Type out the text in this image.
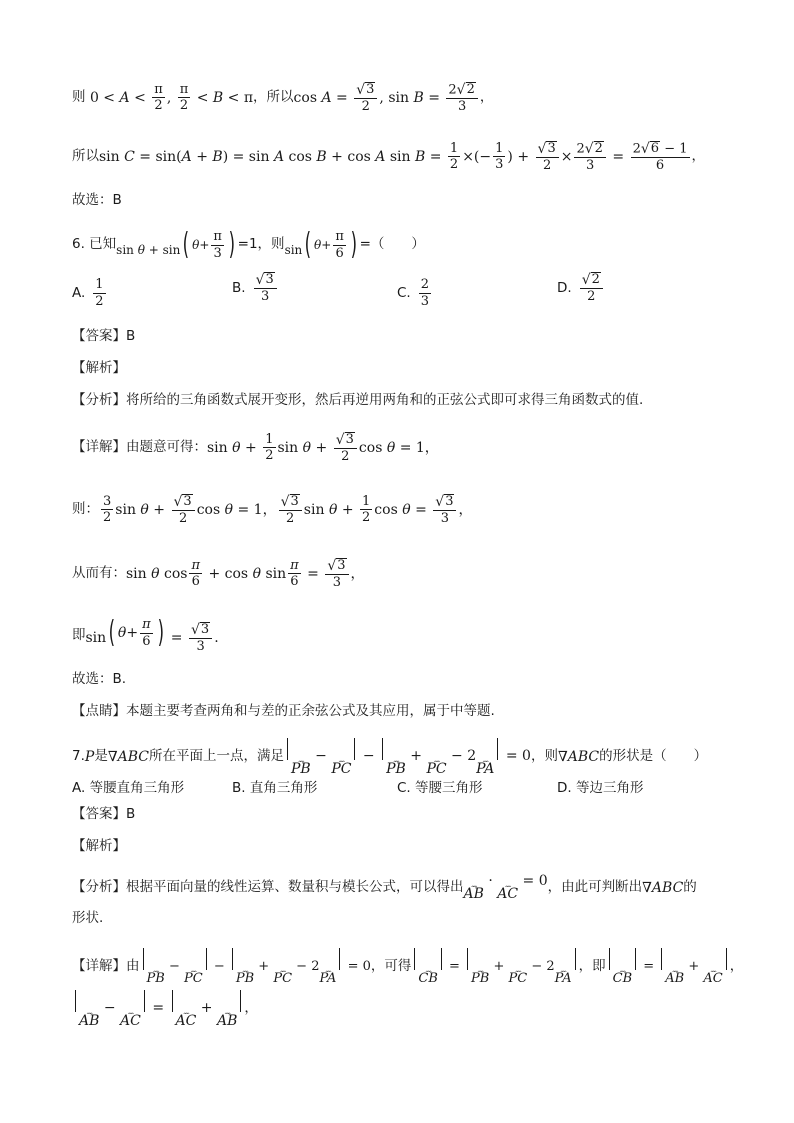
则 $0 < A < \frac{\pi}{2}$ , $\frac{\pi}{2} < B < \pi$ ，所以 $\cos A = \frac{√ 3}{2}$ , $\sin B = \frac{2 √ 2}{3}$ ，
所以 sin C = sin(A + B) = sin A cos B + cos A $\sin B = \frac{1}{2}$ ×(− $\frac{1}{3}$ ) + $\frac{√ 3}{2} \times \frac{2 √ 2}{3} = \frac{2 √ 6 - 1}{6}$ ，
故选：B
6. 已知 sin θ + sin ( $\theta + \frac{\pi}{3}$ ) =1，则 sin ( $\theta + \frac{\pi}{6}$ ) =（　　）
A. $\frac{1}{2}$	B. $\frac{√ 3}{3}$	C. $\frac{2}{3}$	D. $\frac{√ 2}{2}$
【答案】B
【解析】
【分析】将所给的三角函数式展开变形，然后再逆用两角和的正弦公式即可求得三角函数式的值.
【详解】由题意可得： $\sin \theta + \frac{1}{2}$ $\sin \theta + \frac{√ 3}{2}$ cos θ = 1，
则： $\frac{3}{2}$ $\sin \theta + \frac{√ 3}{2}$ cos θ = 1， $\frac{√ 3}{2}$ $\sin \theta + \frac{1}{2}$ $\cos \theta = \frac{√ 3}{3}$ ，
从而有： sin θ $\cos \frac{\pi}{6} + \cos \theta$ $\sin \frac{\pi}{6} = \frac{√ 3}{3}$ ，
即 sin ( $\theta + \frac{\pi}{6}$ ) = $\frac{√ 3}{3}$ .
故选：B.
【点睛】本题主要考查两角和与差的正余弦公式及其应用，属于中等题.
7. P 是 ∇ABC 所在平面上一点，满足 ꞈꞈꞈ
PB
− ꞈꞈꞈ
PC
− ꞈꞈꞈ
PB
+ ꞈꞈꞈ
PC
− 2 ꞈꞈꞈ
PA
= 0 ，则 ∇ABC 的形状是（　　）
A. 等腰直角三角形	B. 直角三角形	C. 等腰三角形	D. 等边三角形
【答案】B
【解析】
【分析】根据平面向量的线性运算、数量积与模长公式，可以得出 ꞈꞈꞈ
AB
· ꞈꞈꞈ
AC
= 0 ，由此可判断出 ∇ABC 的
形状.
【详解】由 ꞈꞈꞈ
PB
− ꞈꞈꞈ
PC
− ꞈꞈꞈ
PB
+ ꞈꞈꞈ
PC
− 2 ꞈꞈꞈ
PA
= 0 ，可得 ꞈꞈꞈ
CB
= ꞈꞈꞈ
PB
+ ꞈꞈꞈ
PC
− 2 ꞈꞈꞈ
PA
，即 ꞈꞈꞈ
CB
= ꞈꞈꞈ
AB
+ ꞈꞈꞈ
AC
，
ꞈꞈꞈ
AB
− ꞈꞈꞈ
AC
= ꞈꞈꞈ
AC
+ ꞈꞈꞈ
AB
，
